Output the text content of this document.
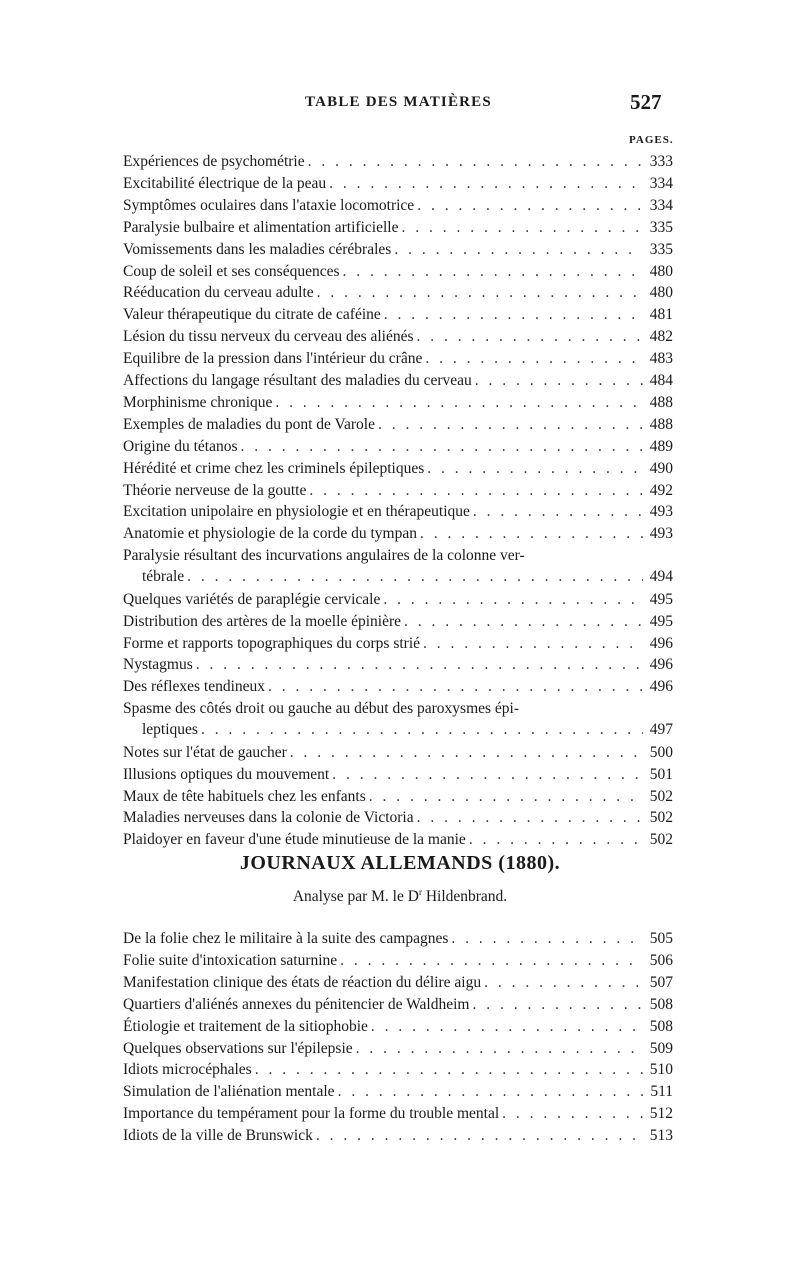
TABLE DES MATIÈRES	527
PAGES.
Expériences de psychométrie . . .	333
Excitabilité électrique de la peau . . .	334
Symptômes oculaires dans l'ataxie locomotrice . . .	334
Paralysie bulbaire et alimentation artificielle . . .	335
Vomissements dans les maladies cérébrales . . .	335
Coup de soleil et ses conséquences . . .	480
Rééducation du cerveau adulte . . .	480
Valeur thérapeutique du citrate de caféine . . .	481
Lésion du tissu nerveux du cerveau des aliénés . . .	482
Equilibre de la pression dans l'intérieur du crâne . . .	483
Affections du langage résultant des maladies du cerveau . . .	484
Morphinisme chronique . . .	488
Exemples de maladies du pont de Varole . . .	488
Origine du tétanos . . .	489
Hérédité et crime chez les criminels épileptiques . . .	490
Théorie nerveuse de la goutte . . .	492
Excitation unipolaire en physiologie et en thérapeutique . . .	493
Anatomie et physiologie de la corde du tympan . . .	493
Paralysie résultant des incurvations angulaires de la colonne ver-
tébrale . . .	494
Quelques variétés de paraplégie cervicale . . .	495
Distribution des artères de la moelle épinière . . .	495
Forme et rapports topographiques du corps strié . . .	496
Nystagmus . . .	496
Des réflexes tendineux . . .	496
Spasme des côtés droit ou gauche au début des paroxysmes épi-
leptiques . . .	497
Notes sur l'état de gaucher . . .	500
Illusions optiques du mouvement . . .	501
Maux de tête habituels chez les enfants . . .	502
Maladies nerveuses dans la colonie de Victoria . . .	502
Plaidoyer en faveur d'une étude minutieuse de la manie . . .	502
JOURNAUX ALLEMANDS (1880).
Analyse par M. le $D^r$ Hildenbrand.
De la folie chez le militaire à la suite des campagnes . . .	505
Folie suite d'intoxication saturnine . . .	506
Manifestation clinique des états de réaction du délire aigu . . .	507
Quartiers d'aliénés annexes du pénitencier de Waldheim . . .	508
Étiologie et traitement de la sitiophobie . . .	508
Quelques observations sur l'épilepsie . . .	509
Idiots microcéphales . . .	510
Simulation de l'aliénation mentale . . .	511
Importance du tempérament pour la forme du trouble mental . . .	512
Idiots de la ville de Brunswick . . .	513
